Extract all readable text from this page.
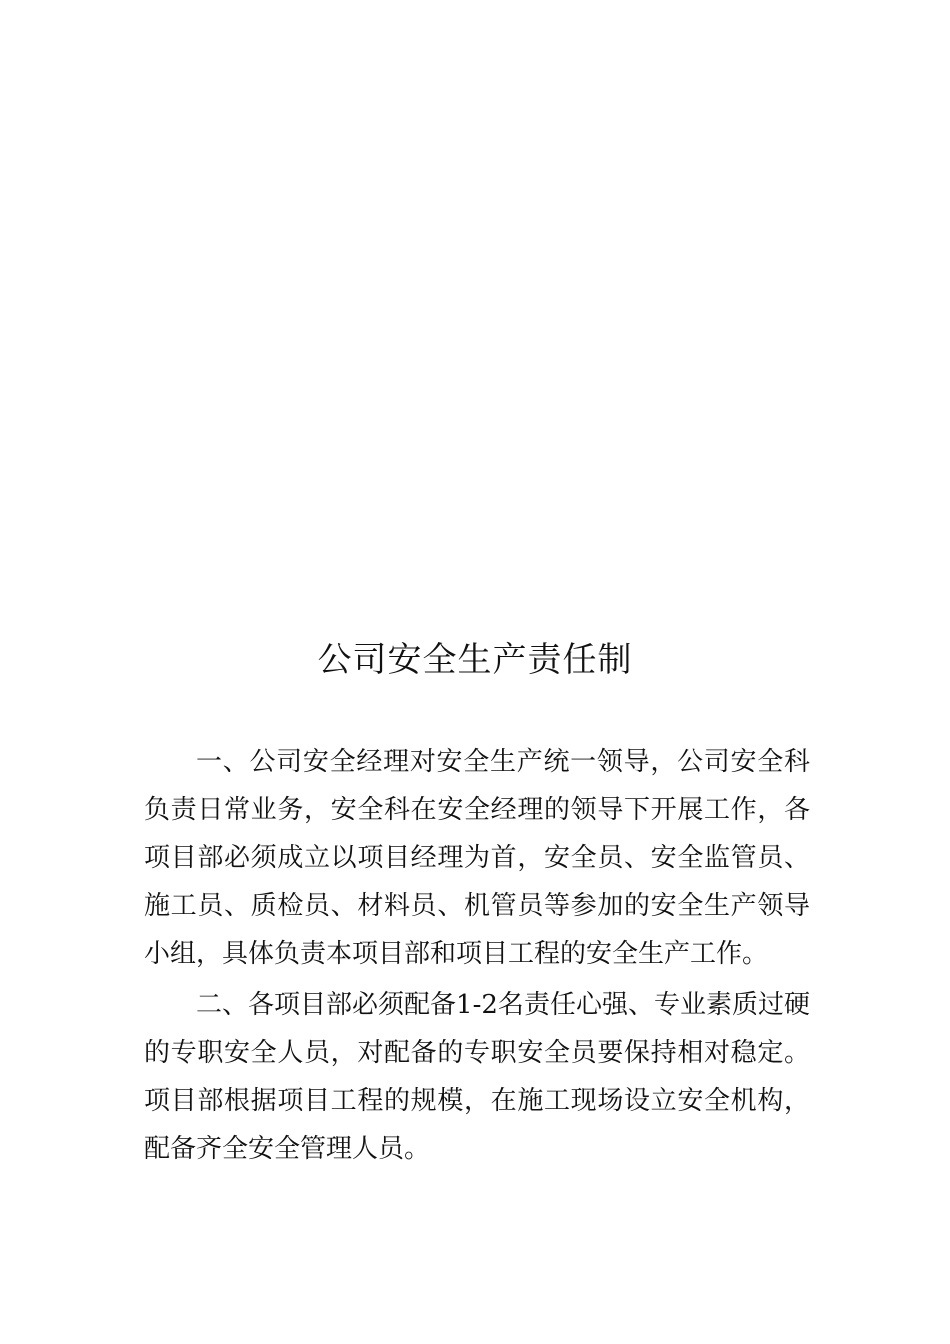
公司安全生产责任制

一、公司安全经理对安全生产统一领导，公司安全科负责日常业务，安全科在安全经理的领导下开展工作，各项目部必须成立以项目经理为首，安全员、安全监管员、施工员、质检员、材料员、机管员等参加的安全生产领导小组，具体负责本项目部和项目工程的安全生产工作。

二、各项目部必须配备1-2名责任心强、专业素质过硬的专职安全人员，对配备的专职安全员要保持相对稳定。项目部根据项目工程的规模，在施工现场设立安全机构，配备齐全安全管理人员。
